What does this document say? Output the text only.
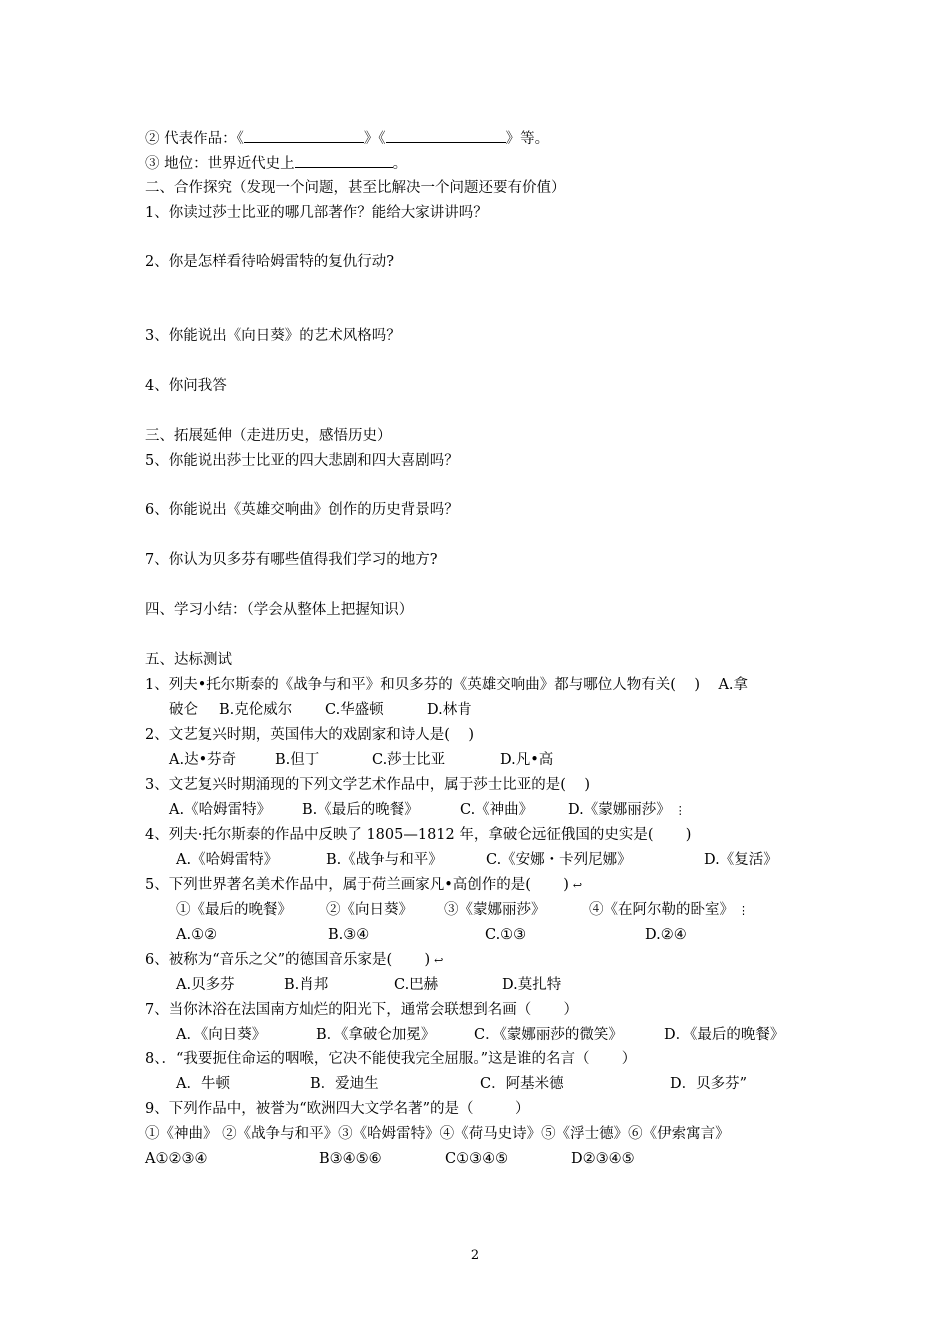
② 代表作品：《	》《	》等。
③ 地位：世界近代史上	。
二、合作探究（发现一个问题，甚至比解决一个问题还要有价值）
1、你读过莎士比亚的哪几部著作？能给大家讲讲吗？
2、你是怎样看待哈姆雷特的复仇行动?
3、你能说出《向日葵》的艺术风格吗？
4、你问我答
三、拓展延伸（走进历史，感悟历史）
5、你能说出莎士比亚的四大悲剧和四大喜剧吗？
6、你能说出《英雄交响曲》创作的历史背景吗？
7、你认为贝多芬有哪些值得我们学习的地方?
四、学习小结：（学会从整体上把握知识）
五、达标测试
1、列夫•托尔斯泰的《战争与和平》和贝多芬的《英雄交响曲》都与哪位人物有关(    )    A.拿
破仑 B.克伦威尔 C.华盛顿	D.林肯
2、文艺复兴时期，英国伟大的戏剧家和诗人是(    )
A.达•芬奇	B.但丁	C.莎士比亚	D.凡•高
3、文艺复兴时期涌现的下列文学艺术作品中，属于莎士比亚的是(    )
A.《哈姆雷特》 B.《最后的晚餐》	C.《神曲》 D.《蒙娜丽莎》 ⋮
4、列夫·托尔斯泰的作品中反映了 1805—1812 年，拿破仑远征俄国的史实是(       )
A.《哈姆雷特》	B.《战争与和平》	C.《安娜・卡列尼娜》	D.《复活》
5、下列世界著名美术作品中，属于荷兰画家凡•高创作的是(       ) ↩
①《最后的晚餐》 ②《向日葵》 ③《蒙娜丽莎》	④《在阿尔勒的卧室》 ⋮
A.①②	B.③④	C.①③	D.②④
6、被称为“音乐之父”的德国音乐家是(       ) ↩
A.贝多芬	B.肖邦	C.巴赫	D.莫扎特
7、当你沐浴在法国南方灿烂的阳光下，通常会联想到名画（       ）
A．《向日葵》	B．《拿破仑加冕》	C．《蒙娜丽莎的微笑》	D．《最后的晚餐》
8、．“我要扼住命运的咽喉，它决不能使我完全屈服。”这是谁的名言（       ）
A．牛顿	B．爱迪生	C．阿基米德	D．贝多芬”
9、下列作品中，被誉为“欧洲四大文学名著”的是（         ）
①《神曲》 ②《战争与和平》③《哈姆雷特》④《荷马史诗》⑤《浮士德》⑥《伊索寓言》
A①②③④	B③④⑤⑥	C①③④⑤	D②③④⑤
2
